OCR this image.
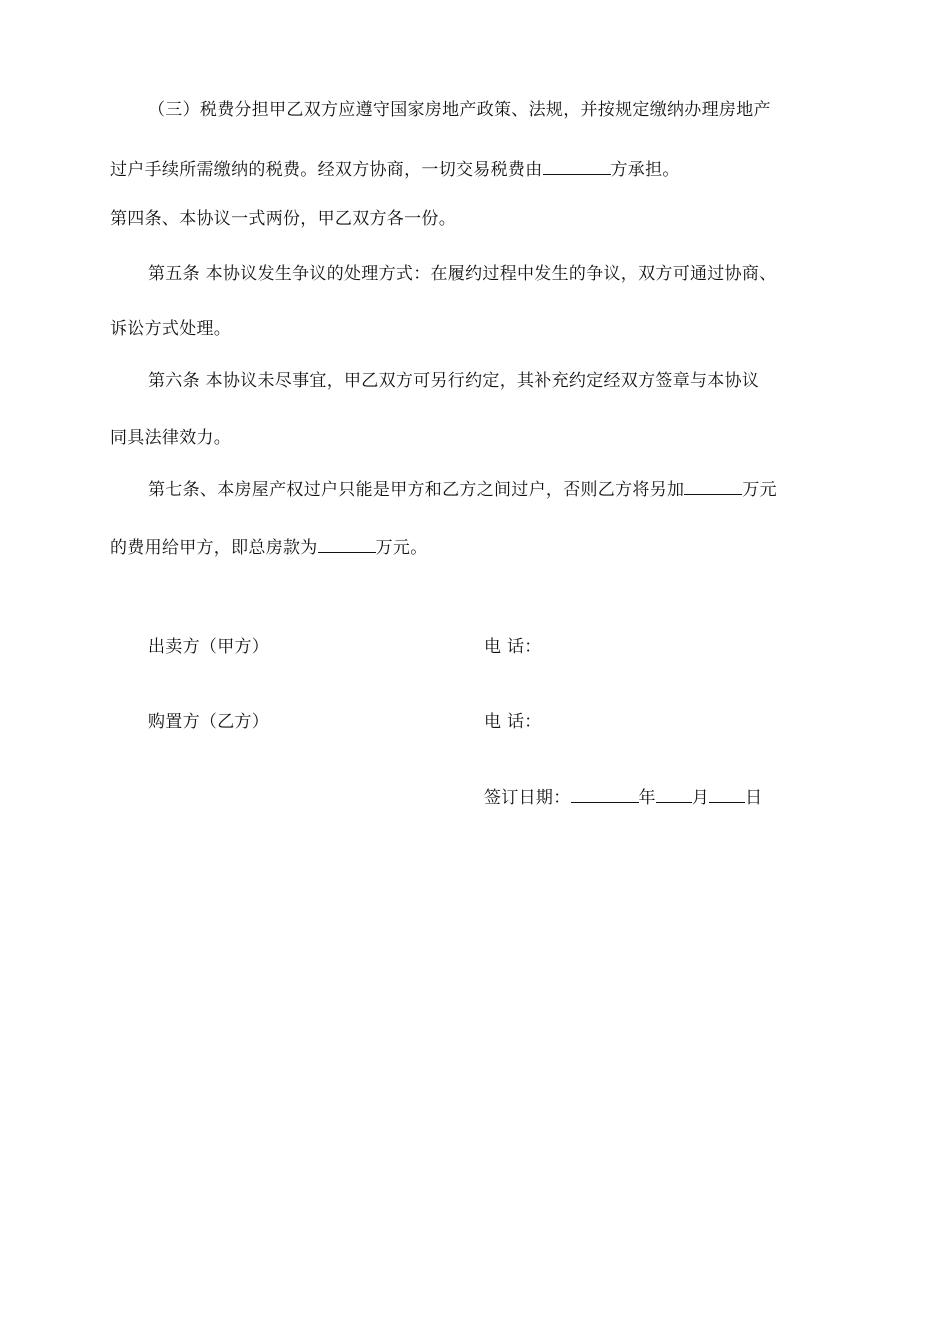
（三）税费分担甲乙双方应遵守国家房地产政策、法规，并按规定缴纳办理房地产
过户手续所需缴纳的税费。经双方协商，一切交易税费由	方承担。
第四条、本协议一式两份，甲乙双方各一份。
第五条 本协议发生争议的处理方式：在履约过程中发生的争议，双方可通过协商、
诉讼方式处理。
第六条 本协议未尽事宜，甲乙双方可另行约定，其补充约定经双方签章与本协议
同具法律效力。
第七条、本房屋产权过户只能是甲方和乙方之间过户，否则乙方将另加	万元
的费用给甲方，即总房款为	万元。
出卖方（甲方）	电 话：
购置方（乙方）	电 话：
签订日期：	年 月 日
